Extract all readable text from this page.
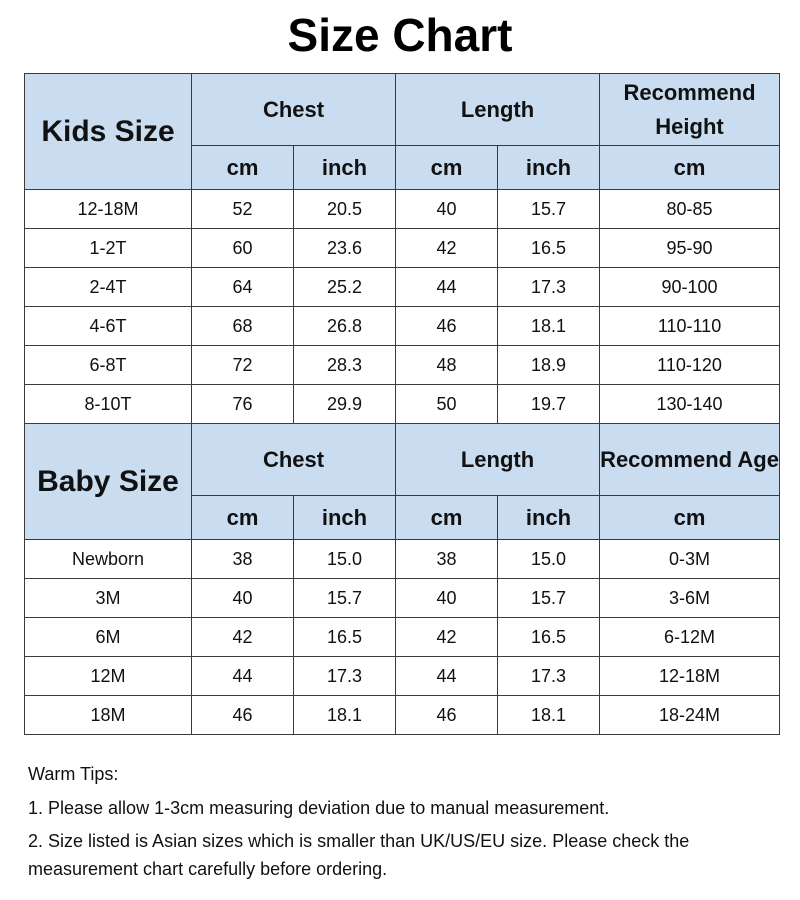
Size Chart
Kids Size	Chest		Length		Recommend Height
	cm	inch	cm	inch	cm
12-18M	52	20.5	40	15.7	80-85
1-2T	60	23.6	42	16.5	95-90
2-4T	64	25.2	44	17.3	90-100
4-6T	68	26.8	46	18.1	110-110
6-8T	72	28.3	48	18.9	110-120
8-10T	76	29.9	50	19.7	130-140
Baby Size	Chest		Length		Recommend Age
	cm	inch	cm	inch	cm
Newborn	38	15.0	38	15.0	0-3M
3M	40	15.7	40	15.7	3-6M
6M	42	16.5	42	16.5	6-12M
12M	44	17.3	44	17.3	12-18M
18M	46	18.1	46	18.1	18-24M

Warm Tips:

1. Please allow 1-3cm measuring deviation due to manual measurement.

2. Size listed is Asian sizes which is smaller than UK/US/EU size. Please check the measurement chart carefully before ordering.
